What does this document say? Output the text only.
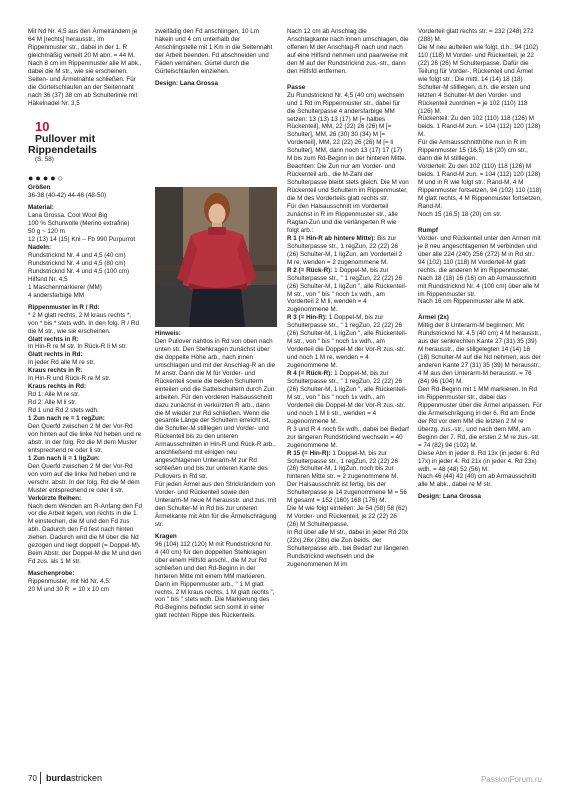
Mit Nd Nr. 4,5 aus den Ärmelrändern je 64 M [rechts] herausstr., im Rippenmuster str., dabei in der 1. R gleichmäßig verteilt 20 M abn. = 44 M.
Nach 8 cm im Rippenmuster alle M abk., dabei die M str., wie sie erscheinen.
Seiten- und Ärmelnähte schließen. Für die Gürtelschlaufen an der Seitennaht nach 36 (37) 38 cm ab Schulterlinie mit Häkelnadel Nr. 3,5

10
Pullover mit Rippendetails
(S. 58)

●●●●○

Größen

36-38 (40-42) 44-46 (48-50)

Material:

Lana Grossa, Cool Wool Big
100 % Schurwolle (Merino extrafine)
50 g ~ 120 m
12 (13) 14 (15) Knl – Fb 990 Purpurrot

Nadeln:

Rundstricknd Nr. 4 und 4,5 (40 cm)
Rundstricknd Nr. 4 und 4,5 (80 cm)
Rundstricknd Nr. 4 und 4,5 (100 cm)
Hilfsnd Nr. 4,5
1 Maschenmarkierer (MM)
4 andersfarbige MM

Rippenmuster in R / Rd:

* 2 M glatt rechts, 2 M kraus rechts *, von * bis * stets wdh. In den folg. R / Rd die M str., wie sie erscheinen.

Glatt rechts in R:

In Hin-R re M str. In Rück-R li M str.

Glatt rechts in Rd:

In jeder Rd alle M re str.

Kraus rechts in R:

In Hin-R und Rück-R re M str.

Kraus rechts in Rd:

Rd 1: Alle M re str.
Rd 2: Alle M li str.
Rd 1 und Rd 2 stets wdh.

1 Zun nach re = 1 regZun:

Den Querfd zwischen 2 M der Vor-Rd von hinten auf die linke Nd heben und re abstr. In der folg. Rd die M dem Muster entsprechend re oder li str.

1 Zun nach li = 1 ligZun:

Den Querfd zwischen 2 M der Vor-Rd von vorn auf die linke Nd heben und re verschr. abstr. In der folg. Rd die M dem Muster entsprechend re oder li str.

Verkürzte Reihen:

Nach dem Wenden am R-Anfang den Fd vor die Arbeit legen, von rechts in die 1. M einstechen, die M und den Fd zus abh. Dadurch den Fd fest nach hinten ziehen. Dadurch wird die M über die Nd gezogen und liegt doppelt (= Doppel-M).
Beim Abstr. der Doppel-M die M und den Fd zus. als 1 M str.

Maschenprobe:

Rippenmuster, mit Nd Nr. 4,5:
20 M und 30 R  = 10 x 10 cm

zweifädig den Fd anschlingen, 10 Lm häkeln und 4 cm unterhalb der Anschlingstelle mit 1 Km in die Seitennaht der Arbeit beenden. Fd abschneiden und Fäden vernähen. Gürtel durch die Gürtelschlaufen einziehen.

Design: Lana Grossa

Hinweis:

Den Pullover nahtlos in Rd von oben nach unten str. Den Stehkragen zunächst über die doppelte Höhe arb., nach innen umschlagen und mit der Anschlag-R an die M anstr. Dann die M für Vorder- und Rückenteil sowie die beiden Schulterm einteilen und die Sattelschultern durch Zun arbeiten. Für den vorderen Halsausschnitt dazu zunächst in verkürzten R arb., dann die M wieder zur Rd schließen. Wenn die gesamte Länge der Schultern erreicht ist, die Schulter-M stilllegen und Vorder- und Rückenteil bis zu den unteren Armausschnitten in Hin-R und Rück-R arb., anschließend mit einigen neu angeschlagenen Unterarm-M zur Rd schließen und bis zur unteren Kante des Pullovers in Rd str.
Für jeden Ärmel aus den Strickrändern von Vorder- und Rückenteil sowie den Unterarm-M neue M herausstr. und zus. mit den Schulter-M in Rd bis zur unteren Ärmelkante mit Abn für die Ärmelschrägung str.

Kragen

96 (104) 112 (120) M mit Rundstricknd Nr. 4 (40 cm) für den doppelten Stehkragen über einem Hilfsfd anschl., die M zur Rd schließen und den Rd-Beginn in der hinteren Mitte mit einem MM markieren. Dann im Rippenmuster arb., " 1 M glatt rechts, 2 M kraus rechts, 1 M glatt rechts ", von " bis " stets wdh. Die Markierung des Rd-Beginns befindet sich somit in einer glatt rechten Rippe des Rückenteils.

Nach 12 cm ab Anschlag die Anschlagkante nach innen umschlagen, die offenen M der Anschlag-R nach und nach auf eine Hilfsnd nehmen und paarweise mit den M auf der Rundstricknd zus.-str., dann den Hilfsfd entfernen.

Passe

Zu Rundstricknd Nr. 4,5 (40 cm) wechseln und 1 Rd im Rippenmuster str., dabei für die Schulterpasse 4 andersfarbige MM setzen: 13 (13) 13 (17) M [= halbes Rückenteil], MM, 22 (22) 26 (26) M [= Schulter], MM, 26 (30) 30 (34) M [= Vorderteil], MM, 22 (22) 26 (26) M [= li Schulter], MM, dann noch 13 (17) 17 (17) M bis zum Rd-Beginn in der hinteren Mitte.
Beachten: Die Zun nur am Vorder- und Rückenteil arb., die M-Zahl der Schulterpasse bleibt stets gleich. Die M von Rückenteil und Schultern im Rippenmuster, die M des Vorderteils glatt rechts str.
Für den Halsausschnitt im Vorderteil zunächst in R im Rippenmuster str., alle Raglan-Zun und die verlängerten R wie folgt arb.:

R 1 (= Hin-R ab hintere Mitte): Bis zur Schulterpasse str., 1 regZun, 22 (22) 26 (26) Schulter-M, 1 ligZun, am Vorderteil 2 M re, wenden = 2 zugenommene M.

R 2 (= Rück-R): 1 Doppel-M, bis zur Schulterpasse str., " 1 regZun, 22 (22) 26 (26) Schulter-M, 1 ligZun ", alle Rückenteil-M str., von " bis " noch 1x wdh., am Vorderteil 2 M li, wenden = 4 zugenommene M.

R 3 (= Hin-R): 1 Doppel-M, bis zur Schulterpasse str., " 1 regZun, 22 (22) 26 (26) Schulter-M, 1 ligZun ", alle Rückenteil-M str., von " bis " noch 1x wdh., am Vorderteil die Doppel-M der Vor-R zus.-str. und noch 1 M re, wenden = 4 zugenommene M.

R 4 (= Rück-R): 1 Doppel-M, bis zur Schulterpasse str., " 1 regZun, 22 (22) 26 (26) Schulter-M, 1 ligZun ", alle Rückenteil-M str., von " bis " noch 1x wdh., am Vorderteil die Doppel-M der Vor-R zus.-str. und noch 1 M li str., wenden = 4 zugenommene M.
R 3 und R 4 noch 5x wdh., dabei bei Bedarf zur längeren Rundstricknd wechseln = 40 zugenommene M.

R 15 (= Hin-R): 1 Doppel-M, bis zur Schulterpasse str., 1 regZun, 22 (22) 26 (26) Schulter-M, 1 ligZun, noch bis zur hinteren Mitte str. = 2 zugenommene M.
Der Halsausschnitt ist fertig, bis der Schulterpasse je 14 zugenommene M = 56 M gesamt = 152 (160) 168 (176) M.
Die M wie folgt einteilen: Je 54 (58) 58 (62) M Vorder- und Rückenteil, je 22 (22) 26 (26) M Schulterpasse.
In Rd über alle M str., dabei in jeder Rd 20x (22x) 26x (28x) die Zun beids. der Schulterpasse arb., bei Bedarf zur längeren Rundstricknd wechseln und die zugenommenen M im

Vorderteil glatt rechts str. = 232 (248) 272 (288) M.
Die M neu aufteilen wie folgt, d.h.: 94 (102) 110 (118) M Vorder- und Rückenteil, je 22 (22) 26 (26) M Schulterpasse. Dafür die Teilung für Vorder-, Rückenteil und Ärmel wie folgt str.: Die mittl. 14 (14) 18 (18) Schulter-M stilllegen, d.h. die ersten und letzten 4 Schulter-M den Vorder- und Rückenteil zuordnen = je 102 (110) 118 (126) M.
Rückenteil: Zu den 102 (110) 118 (126) M beids. 1 Rand-M zun. = 104 (112) 120 (128) M.
Für die Armausschnitthöhe nun in R im Rippenmuster 15 (16,5) 18 (20) cm str., dann die M stilllegen.
Vorderteil: Zu den 102 (110) 118 (126) M beids. 1 Rand-M zun. = 104 (112) 120 (128) M und in R wie folgt str.: Rand-M, 4 M Rippenmuster fortsetzen, 94 (102) 110 (118) M glatt rechts, 4 M Rippenmuster fortsetzen, Rand-M.
Noch 15 (16,5) 18 (20) cm str.

Rumpf

Vorder- und Rückenteil unter den Armen mit je 8 neu angeschlagenen M verbinden und über alle 224 (240) 256 (272) M in Rd str.: 94 (102) 110 (118) M Vorderteil-M glatt rechts, die anderen M im Rippenmuster.
Nach 18 (18) 16 (16) cm ab Armausschnitt mit Rundstricknd Nr. 4 (100 cm) über alle M im Rippenmuster str.
Nach 16 cm Rippenmuster alle M abk.

Ärmel (2x)

Mittig der 8 Unterarm-M beginnen: Mit Rundstricknd Nr. 4,5 (40 cm) 4 M herausstr., aus der senkrechten Kante 27 (31) 35 (39) M herausstr., die stillgelegten 14 (14) 18 (18) Schulter-M auf die Nd nehmen, aus der anderen Kante 27 (31) 35 (39) M herausstr., 4 M aus den Unterarm-M herausstr. = 76 (84) 96 (104) M.
Den Rd-Beginn mit 1 MM markieren. In Rd im Rippenmuster str., dabei das Rippenmuster über die Ärmel anpassen. Für die Ärmelschrägung in der 6. Rd am Ende der Rd vor dem MM die letzten 2 M re überzg. zus.-str., und nach dem MM, am Beginn der 7. Rd, die ersten 2 M re zus.-str. = 74 (82) 94 (102) M.
Diese Abn in jeder 8. Rd 13x (in jeder 6. Rd 17x) in jeder 4. Rd 21x (in jeder 4. Rd 23x) wdh. = 48 (48) 52 (56) M.
Nach 46 (44) 42 (40) cm ab Armausschnitt alle M abk., dabei re M str.

Design: Lana Grossa

70 burdastricken	PassionForum.ru
